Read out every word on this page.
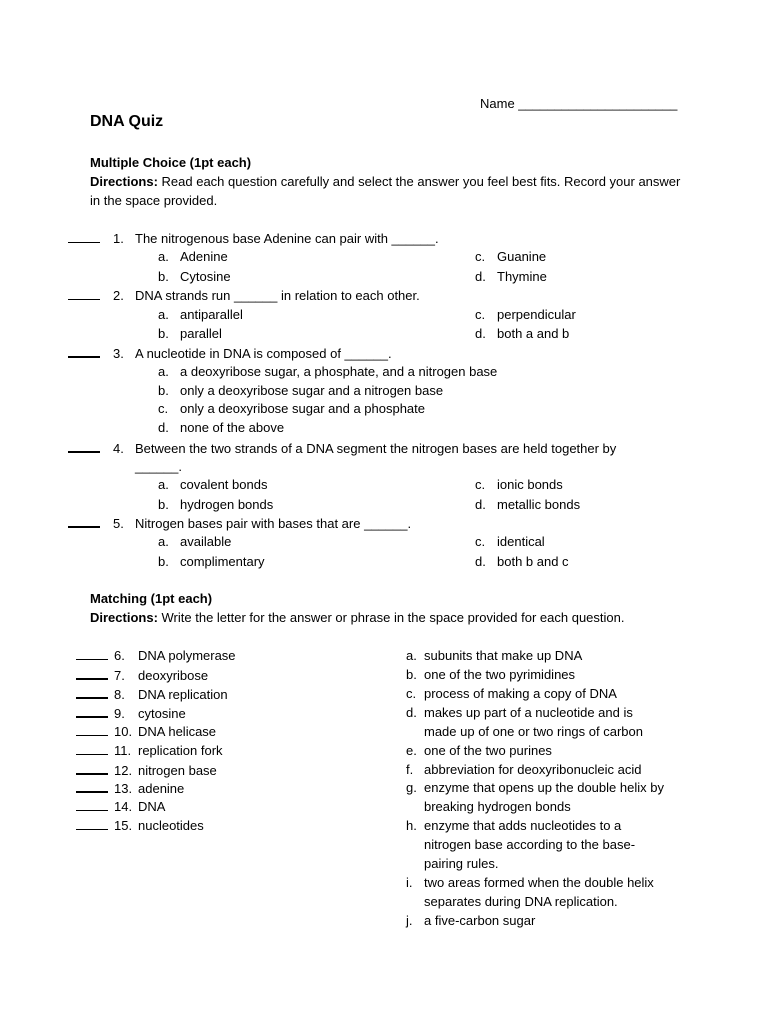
Name ______________________
DNA Quiz
Multiple Choice (1pt each)
Directions: Read each question carefully and select the answer you feel best fits. Record your answer in the space provided.
1. The nitrogenous base Adenine can pair with ______.
a. Adenine
b. Cytosine
c. Guanine
d. Thymine
2. DNA strands run ______ in relation to each other.
a. antiparallel
b. parallel
c. perpendicular
d. both a and b
3. A nucleotide in DNA is composed of ______.
a. a deoxyribose sugar, a phosphate, and a nitrogen base
b. only a deoxyribose sugar and a nitrogen base
c. only a deoxyribose sugar and a phosphate
d. none of the above
4. Between the two strands of a DNA segment the nitrogen bases are held together by
______.
a. covalent bonds
b. hydrogen bonds
c. ionic bonds
d. metallic bonds
5. Nitrogen bases pair with bases that are ______.
a. available
b. complimentary
c. identical
d. both b and c
Matching (1pt each)
Directions: Write the letter for the answer or phrase in the space provided for each question.
6. DNA polymerase
7. deoxyribose
8. DNA replication
9. cytosine
10. DNA helicase
11. replication fork
12. nitrogen base
13. adenine
14. DNA
15. nucleotides
a. subunits that make up DNA
b. one of the two pyrimidines
c. process of making a copy of DNA
d. makes up part of a nucleotide and is made up of one or two rings of carbon
e. one of the two purines
f. abbreviation for deoxyribonucleic acid
g. enzyme that opens up the double helix by breaking hydrogen bonds
h. enzyme that adds nucleotides to a nitrogen base according to the base-pairing rules.
i. two areas formed when the double helix separates during DNA replication.
j. a five-carbon sugar
